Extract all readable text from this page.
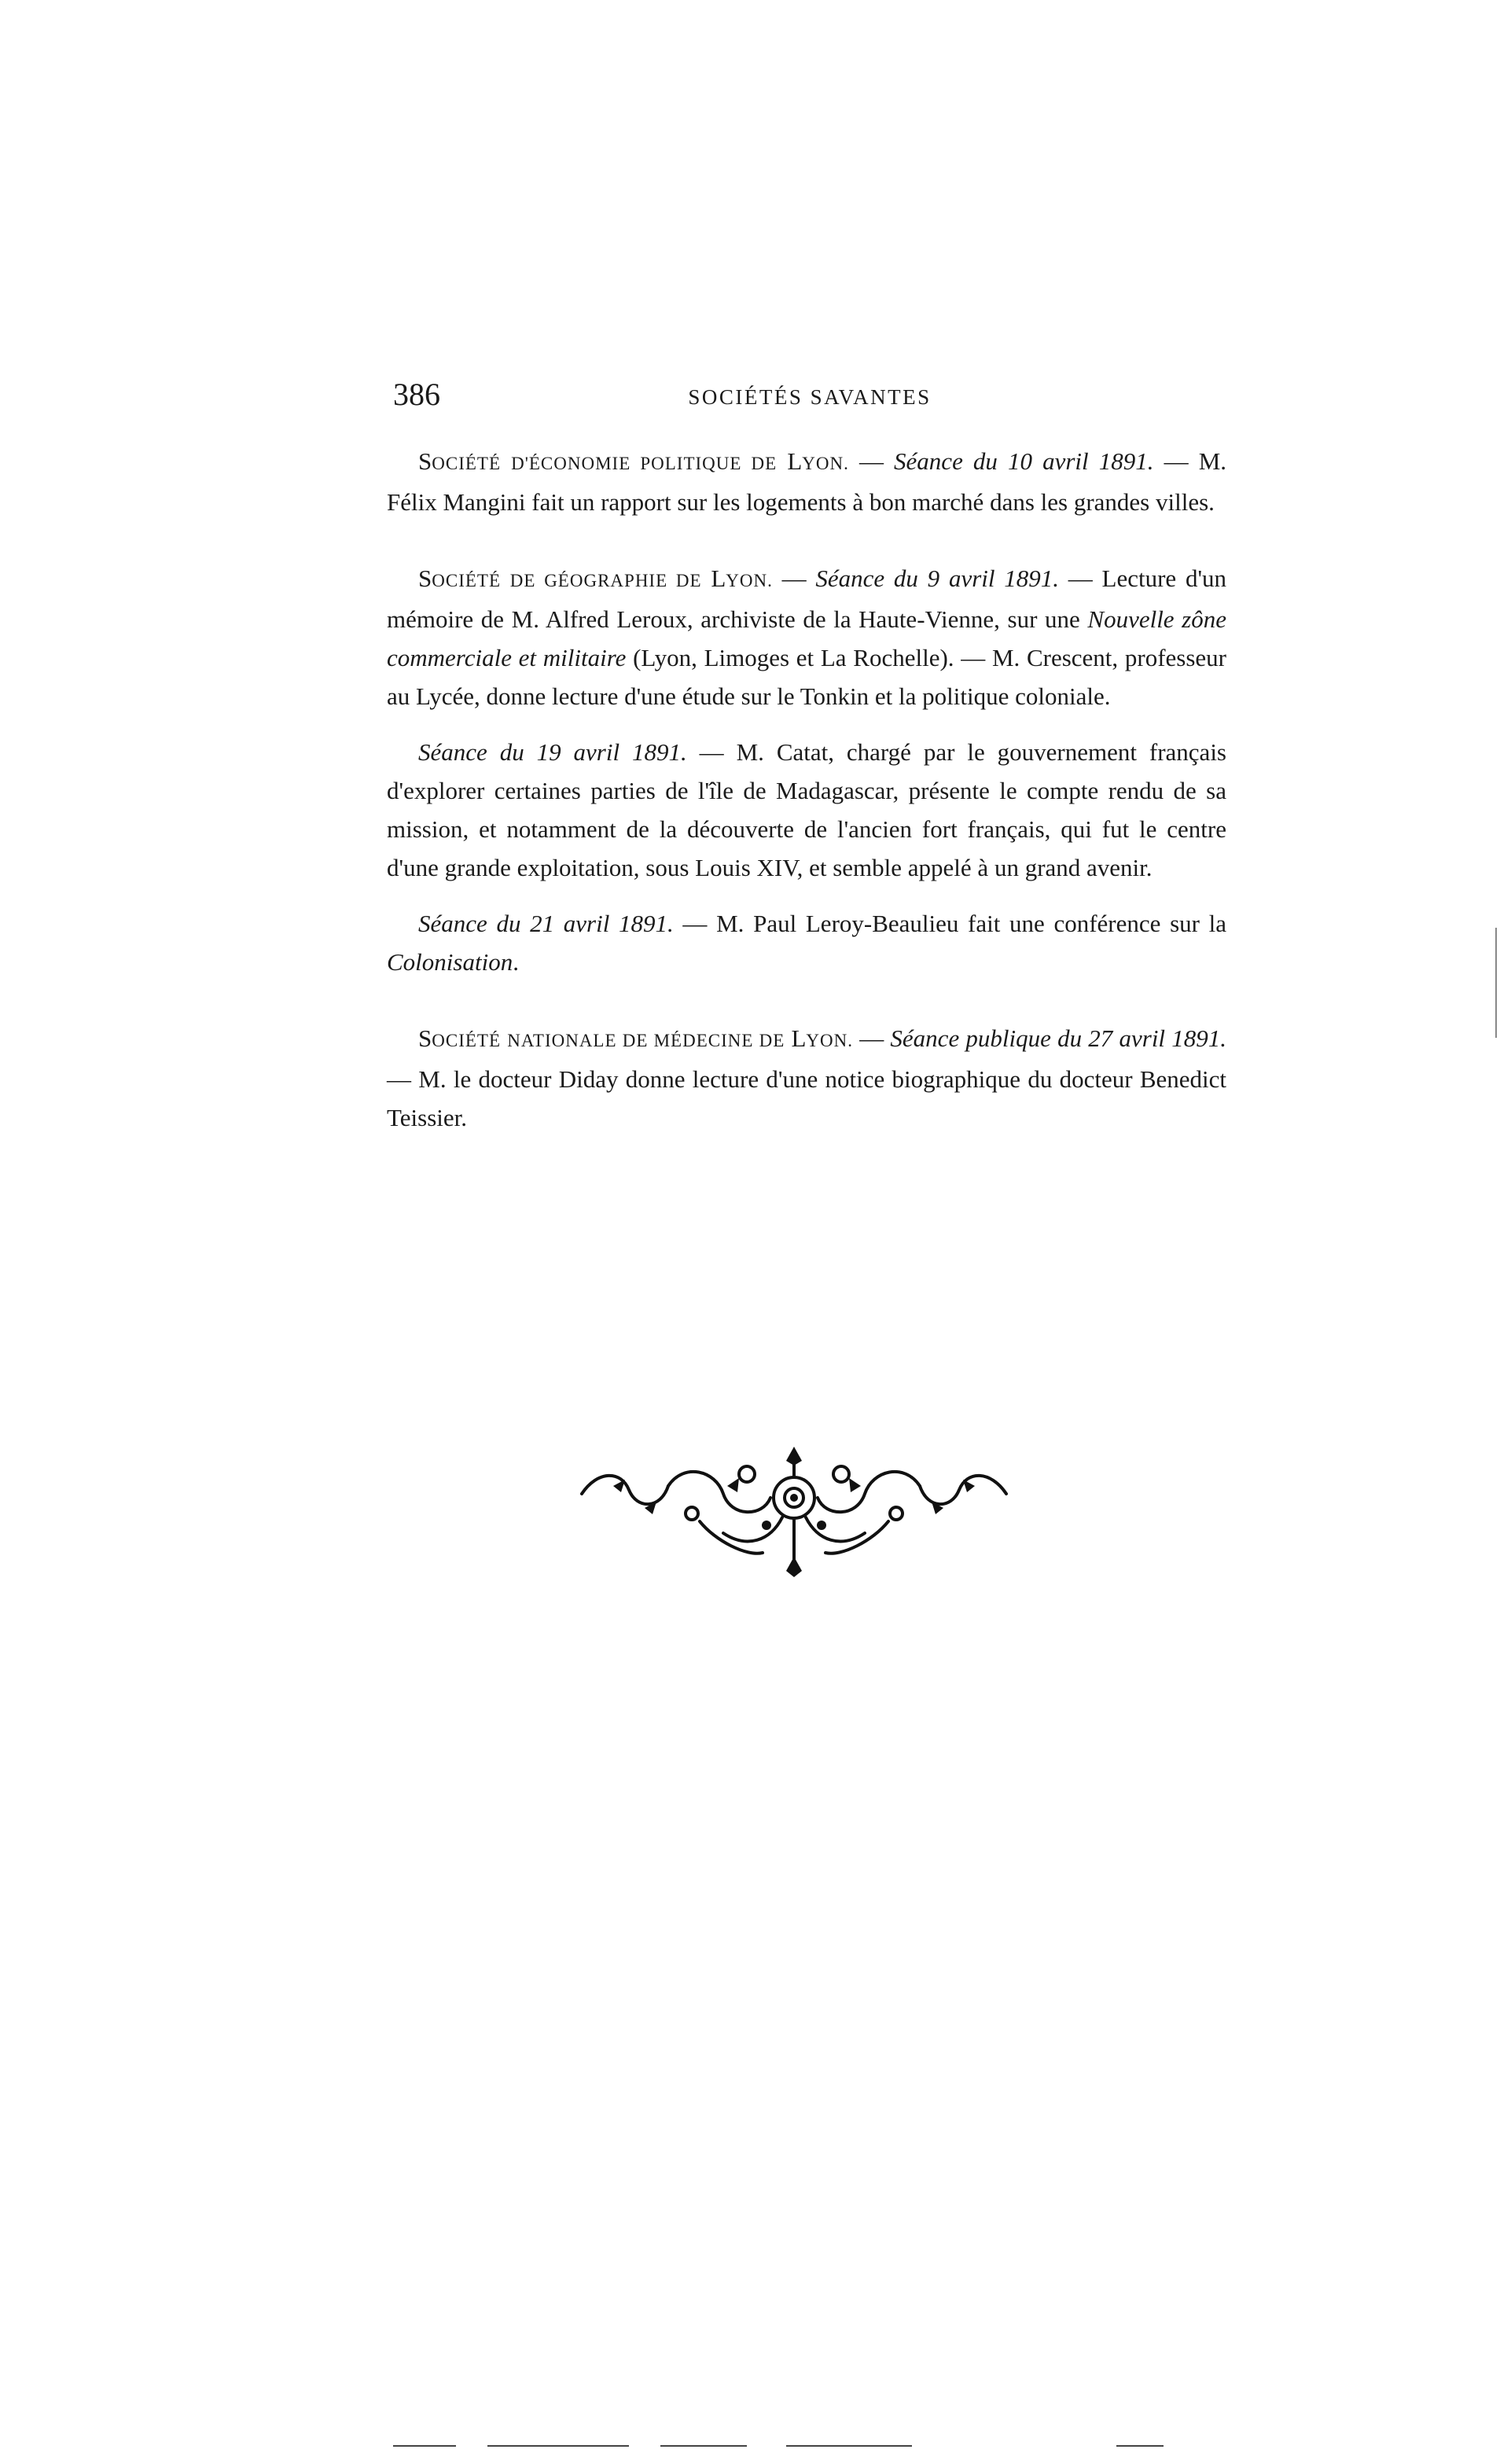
386	SOCIÉTÉS SAVANTES

SOCIÉTÉ D'ÉCONOMIE POLITIQUE DE LYON. — Séance du 10 avril 1891. — M. Félix Mangini fait un rapport sur les logements à bon marché dans les grandes villes.

SOCIÉTÉ DE GÉOGRAPHIE DE LYON. — Séance du 9 avril 1891. — Lecture d'un mémoire de M. Alfred Leroux, archiviste de la Haute-Vienne, sur une Nouvelle zône commerciale et militaire (Lyon, Limoges et La Rochelle). — M. Crescent, professeur au Lycée, donne lecture d'une étude sur le Tonkin et la politique coloniale.

Séance du 19 avril 1891. — M. Catat, chargé par le gouvernement français d'explorer certaines parties de l'île de Madagascar, présente le compte rendu de sa mission, et notamment de la découverte de l'ancien fort français, qui fut le centre d'une grande exploitation, sous Louis XIV, et semble appelé à un grand avenir.

Séance du 21 avril 1891. — M. Paul Leroy-Beaulieu fait une conférence sur la Colonisation.

SOCIÉTÉ NATIONALE DE MÉDECINE DE LYON. — Séance publique du 27 avril 1891. — M. le docteur Diday donne lecture d'une notice biographique du docteur Benedict Teissier.
